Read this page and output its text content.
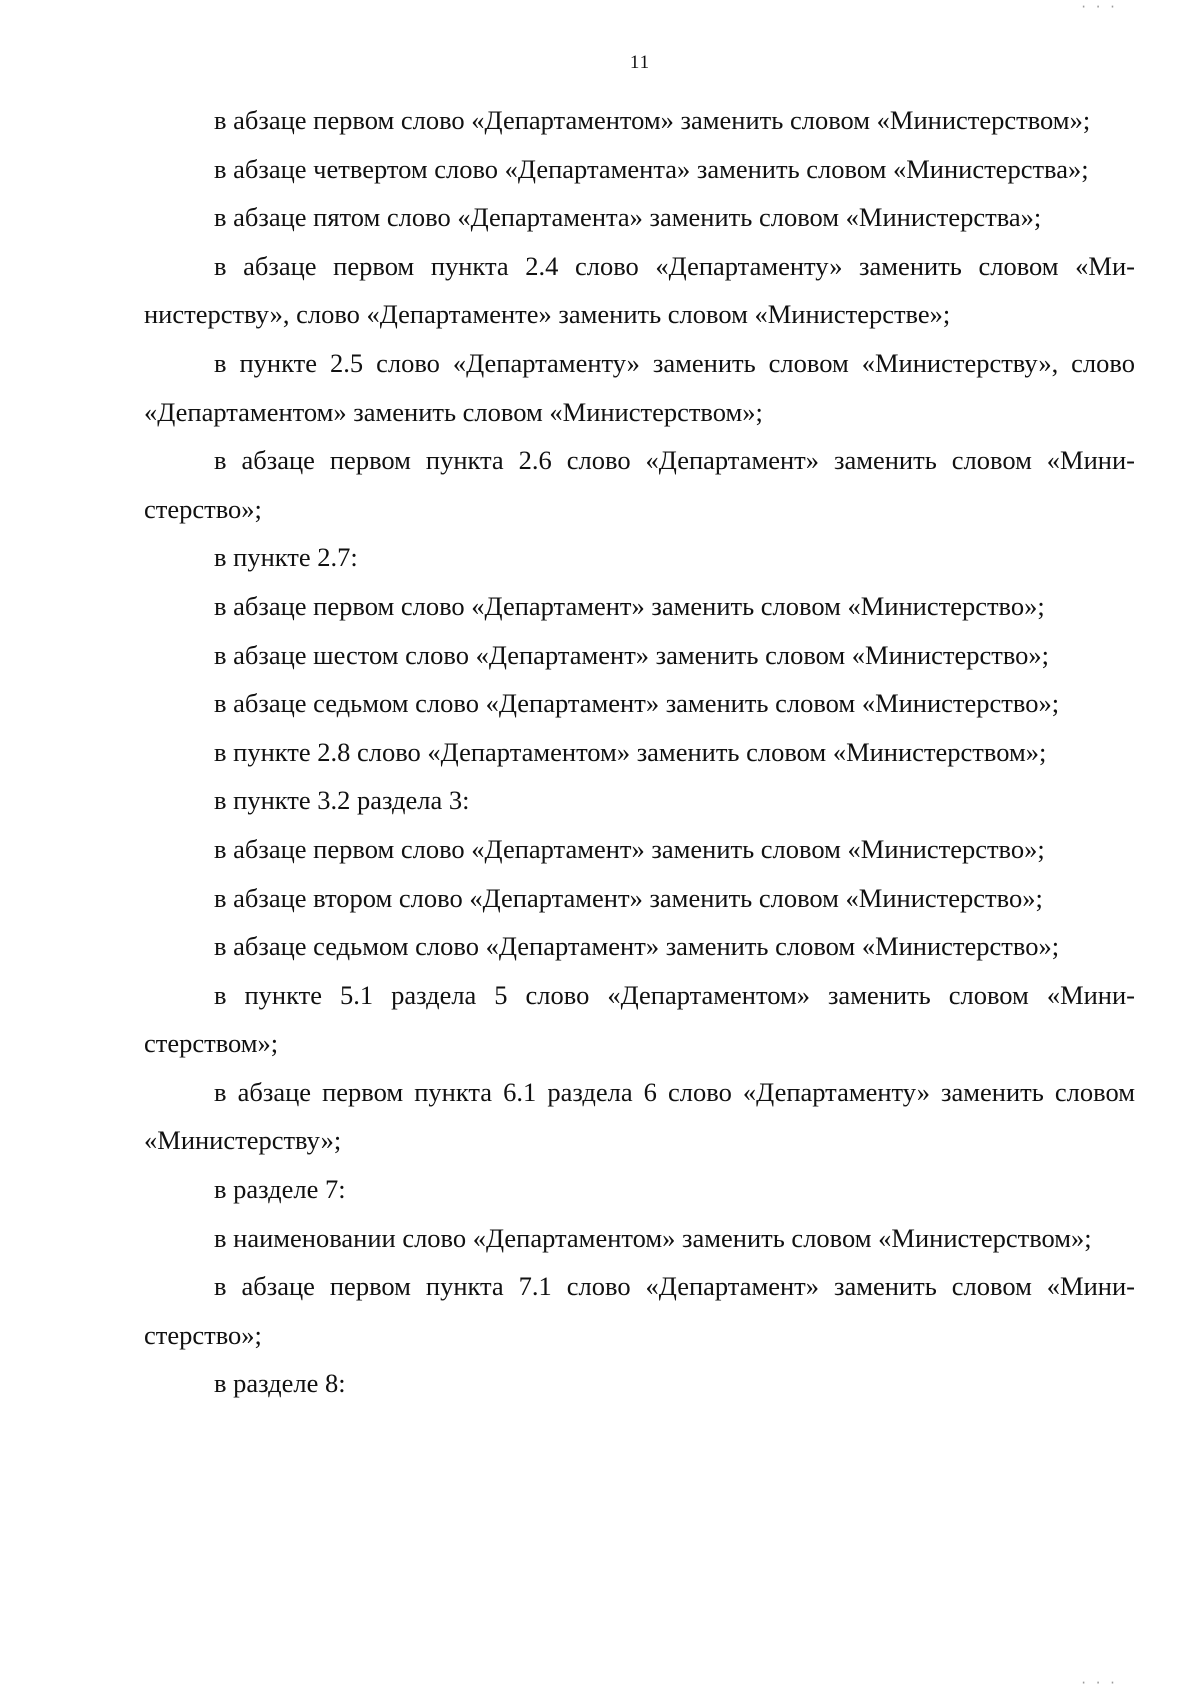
11

в абзаце первом слово «Департаментом» заменить словом «Министерством»;

в абзаце четвертом слово «Департамента» заменить словом «Министерства»;

в абзаце пятом слово «Департамента» заменить словом «Министерства»;

в абзаце первом пункта 2.4 слово «Департаменту» заменить словом «Министерству», слово «Департаменте» заменить словом «Министерстве»;

в пункте 2.5 слово «Департаменту» заменить словом «Министерству», слово «Департаментом» заменить словом «Министерством»;

в абзаце первом пункта 2.6 слово «Департамент» заменить словом «Министерство»;

в пункте 2.7:

в абзаце первом слово «Департамент» заменить словом «Министерство»;

в абзаце шестом слово «Департамент» заменить словом «Министерство»;

в абзаце седьмом слово «Департамент» заменить словом «Министерство»;

в пункте 2.8 слово «Департаментом» заменить словом «Министерством»;

в пункте 3.2 раздела 3:

в абзаце первом слово «Департамент» заменить словом «Министерство»;

в абзаце втором слово «Департамент» заменить словом «Министерство»;

в абзаце седьмом слово «Департамент» заменить словом «Министерство»;

в пункте 5.1 раздела 5 слово «Департаментом» заменить словом «Министерством»;

в абзаце первом пункта 6.1 раздела 6 слово «Департаменту» заменить словом «Министерству»;

в разделе 7:

в наименовании слово «Департаментом» заменить словом «Министерством»;

в абзаце первом пункта 7.1 слово «Департамент» заменить словом «Министерство»;

в разделе 8:

· · ·
· · ·
